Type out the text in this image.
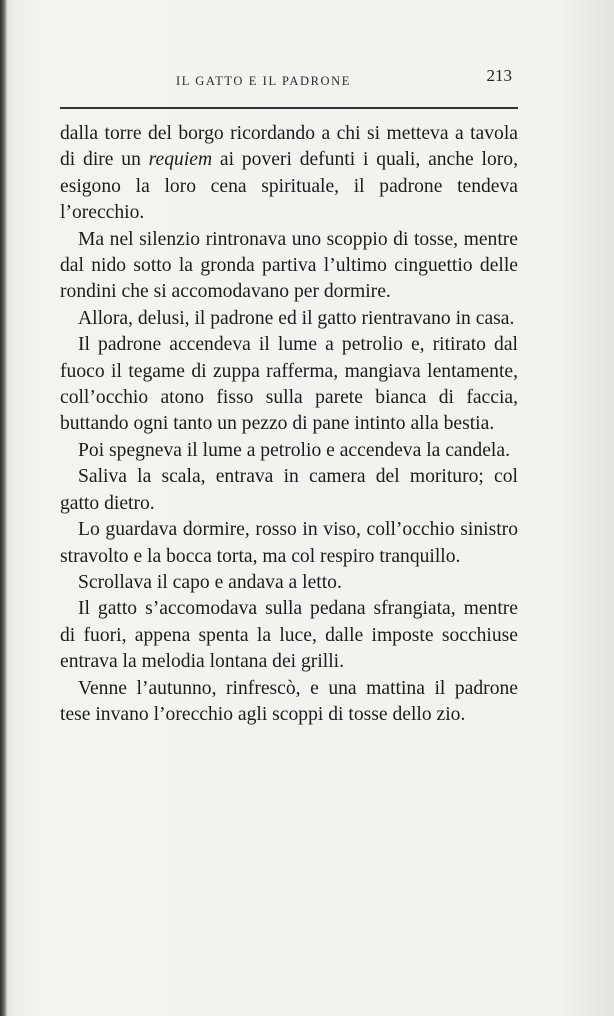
IL GATTO E IL PADRONE	213

dalla torre del borgo ricordando a chi si metteva a tavola di dire un requiem ai poveri defunti i quali, anche loro, esigono la loro cena spirituale, il padrone tendeva l’orecchio.

Ma nel silenzio rintronava uno scoppio di tosse, mentre dal nido sotto la gronda partiva l’ultimo cinguettio delle rondini che si accomodavano per dormire.

Allora, delusi, il padrone ed il gatto rientravano in casa.

Il padrone accendeva il lume a petrolio e, ritirato dal fuoco il tegame di zuppa rafferma, mangiava lentamente, coll’occhio atono fisso sulla parete bianca di faccia, buttando ogni tanto un pezzo di pane intinto alla bestia.

Poi spegneva il lume a petrolio e accendeva la candela.

Saliva la scala, entrava in camera del morituro; col gatto dietro.

Lo guardava dormire, rosso in viso, coll’occhio sinistro stravolto e la bocca torta, ma col respiro tranquillo.

Scrollava il capo e andava a letto.

Il gatto s’accomodava sulla pedana sfrangiata, mentre di fuori, appena spenta la luce, dalle imposte socchiuse entrava la melodia lontana dei grilli.

Venne l’autunno, rinfrescò, e una mattina il padrone tese invano l’orecchio agli scoppi di tosse dello zio.
